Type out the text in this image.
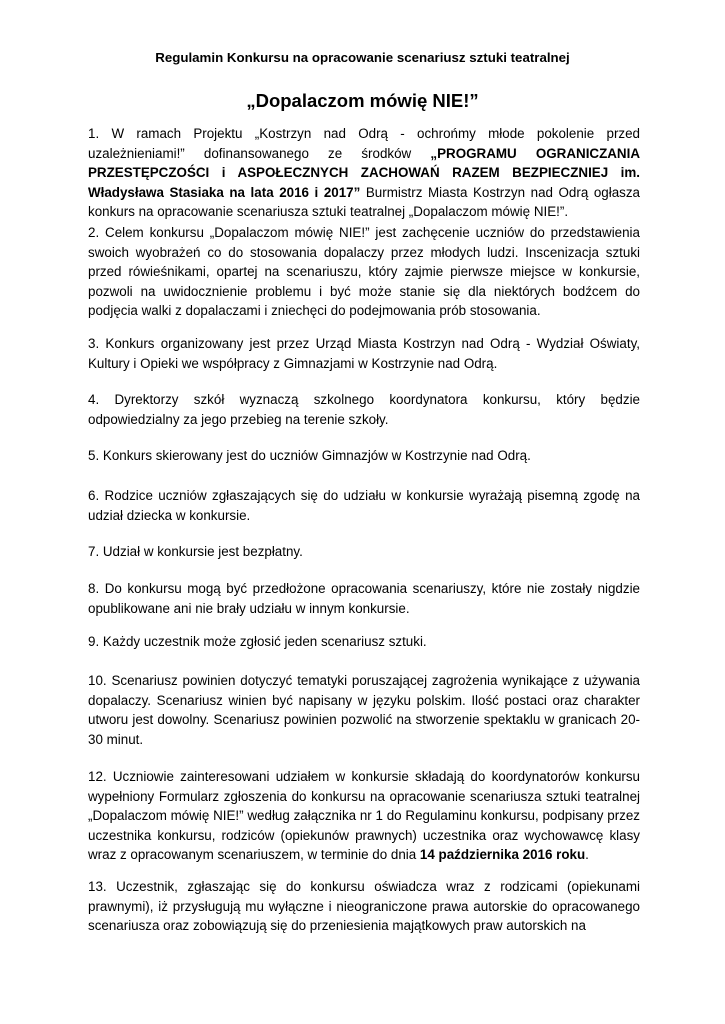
Regulamin Konkursu na opracowanie scenariusz sztuki teatralnej
„Dopalaczom mówię NIE!”

1. W ramach Projektu „Kostrzyn nad Odrą - ochrońmy młode pokolenie przed uzależnieniami!” dofinansowanego ze środków „PROGRAMU OGRANICZANIA PRZESTĘPCZOŚCI i ASPOŁECZNYCH ZACHOWAŃ RAZEM BEZPIECZNIEJ im. Władysława Stasiaka na lata 2016 i 2017” Burmistrz Miasta Kostrzyn nad Odrą ogłasza konkurs na opracowanie scenariusza sztuki teatralnej „Dopalaczom mówię NIE!”.

2. Celem konkursu „Dopalaczom mówię NIE!” jest zachęcenie uczniów do przedstawienia swoich wyobrażeń co do stosowania dopalaczy przez młodych ludzi. Inscenizacja sztuki przed rówieśnikami, opartej na scenariuszu, który zajmie pierwsze miejsce w konkursie, pozwoli na uwidocznienie problemu i być może stanie się dla niektórych bodźcem do podjęcia walki z dopalaczami i zniechęci do podejmowania prób stosowania.

3. Konkurs organizowany jest przez Urząd Miasta Kostrzyn nad Odrą - Wydział Oświaty, Kultury i Opieki we współpracy z Gimnazjami w Kostrzynie nad Odrą.

4. Dyrektorzy szkół wyznaczą szkolnego koordynatora konkursu, który będzie odpowiedzialny za jego przebieg na terenie szkoły.

5. Konkurs skierowany jest do uczniów Gimnazjów w Kostrzynie nad Odrą.

6. Rodzice uczniów zgłaszających się do udziału w konkursie wyrażają pisemną zgodę na udział dziecka w konkursie.

7. Udział w konkursie jest bezpłatny.

8. Do konkursu mogą być przedłożone opracowania scenariuszy, które nie zostały nigdzie opublikowane ani nie brały udziału w innym konkursie.

9. Każdy uczestnik może zgłosić jeden scenariusz sztuki.

10. Scenariusz powinien dotyczyć tematyki poruszającej zagrożenia wynikające z używania dopalaczy. Scenariusz winien być napisany w języku polskim. Ilość postaci oraz charakter utworu jest dowolny. Scenariusz powinien pozwolić na stworzenie spektaklu w granicach 20-30 minut.

12. Uczniowie zainteresowani udziałem w konkursie składają do koordynatorów konkursu wypełniony Formularz zgłoszenia do konkursu na opracowanie scenariusza sztuki teatralnej „Dopalaczom mówię NIE!” według załącznika nr 1 do Regulaminu konkursu, podpisany przez uczestnika konkursu, rodziców (opiekunów prawnych) uczestnika oraz wychowawcę klasy wraz z opracowanym scenariuszem, w terminie do dnia 14 października 2016 roku.

13. Uczestnik, zgłaszając się do konkursu oświadcza wraz z rodzicami (opiekunami prawnymi), iż przysługują mu wyłączne i nieograniczone prawa autorskie do opracowanego scenariusza oraz zobowiązują się do przeniesienia majątkowych praw autorskich na
